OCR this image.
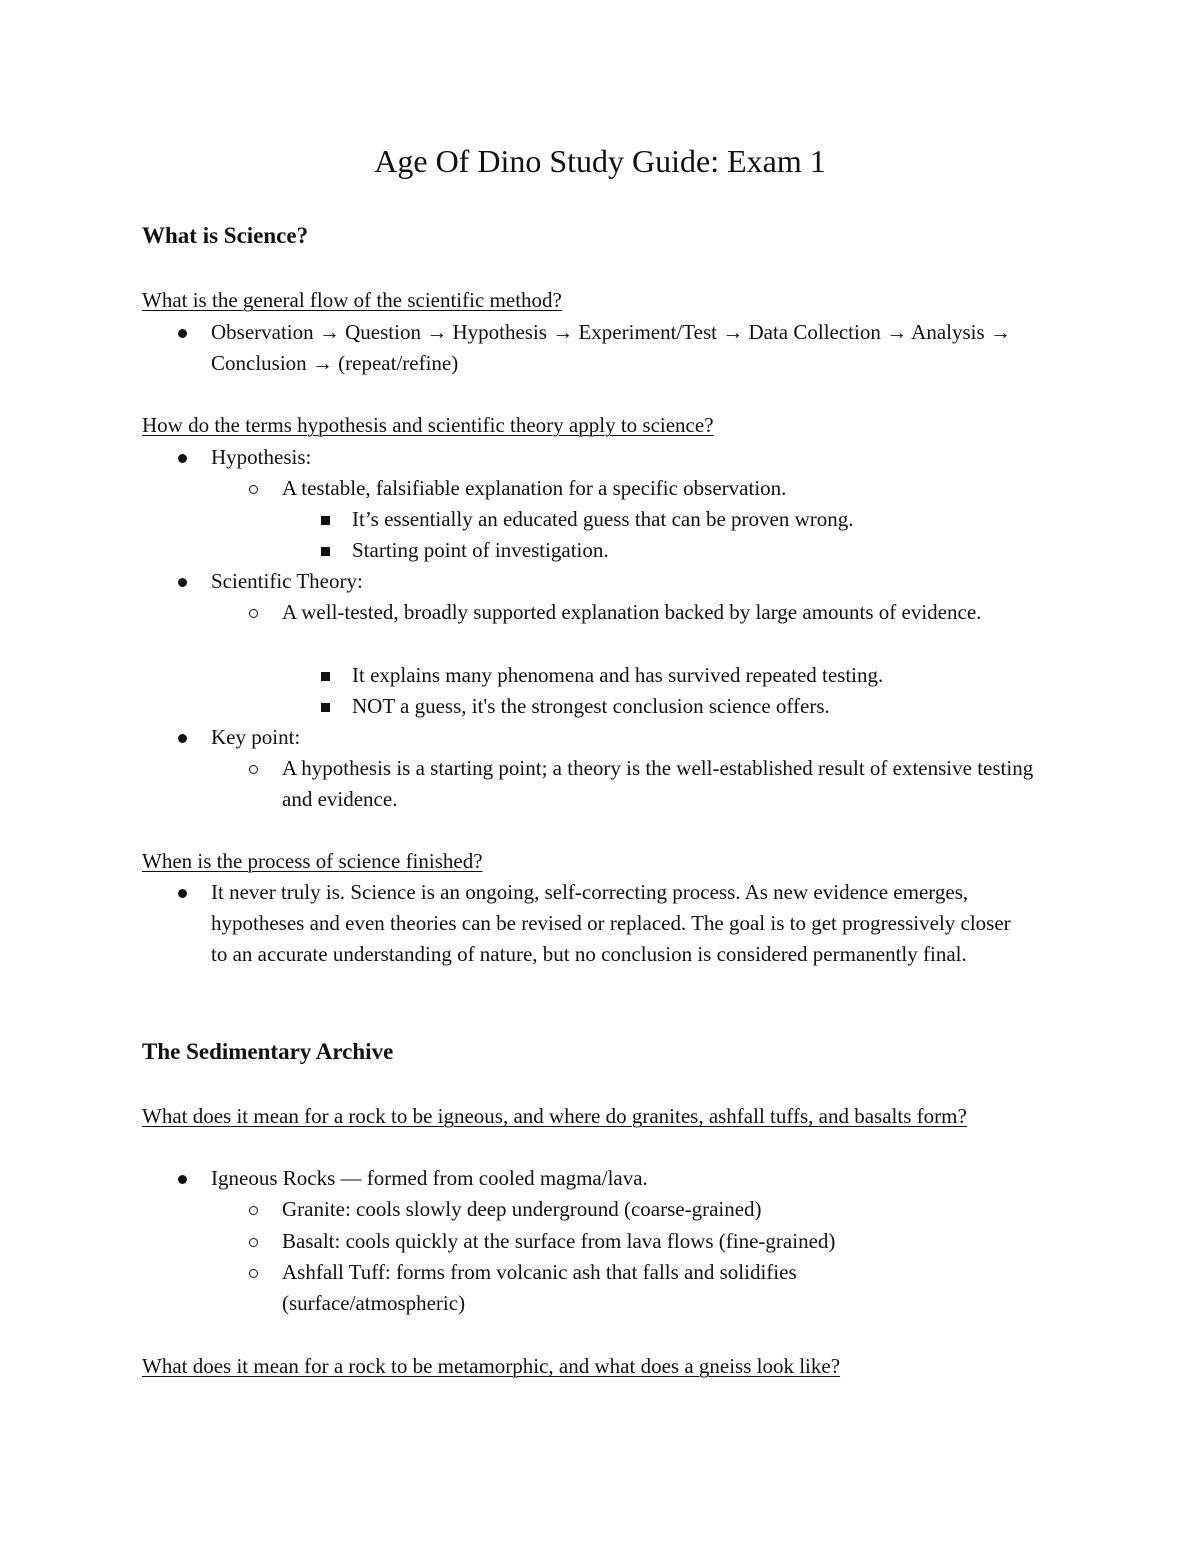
Age Of Dino Study Guide: Exam 1
What is Science?

What is the general flow of the scientific method?

Observation → Question → Hypothesis → Experiment/Test → Data Collection → Analysis → Conclusion → (repeat/refine)

How do the terms hypothesis and scientific theory apply to science?

Hypothesis:
A testable, falsifiable explanation for a specific observation.
It’s essentially an educated guess that can be proven wrong.
Starting point of investigation.
Scientific Theory:
A well-tested, broadly supported explanation backed by large amounts of evidence.
It explains many phenomena and has survived repeated testing.
NOT a guess, it's the strongest conclusion science offers.
Key point:
A hypothesis is a starting point; a theory is the well-established result of extensive testing and evidence.

When is the process of science finished?

It never truly is. Science is an ongoing, self-correcting process. As new evidence emerges, hypotheses and even theories can be revised or replaced. The goal is to get progressively closer to an accurate understanding of nature, but no conclusion is considered permanently final.
The Sedimentary Archive

What does it mean for a rock to be igneous, and where do granites, ashfall tuffs, and basalts form?

Igneous Rocks — formed from cooled magma/lava.
Granite: cools slowly deep underground (coarse-grained)
Basalt: cools quickly at the surface from lava flows (fine-grained)
Ashfall Tuff: forms from volcanic ash that falls and solidifies (surface/atmospheric)

What does it mean for a rock to be metamorphic, and what does a gneiss look like?
